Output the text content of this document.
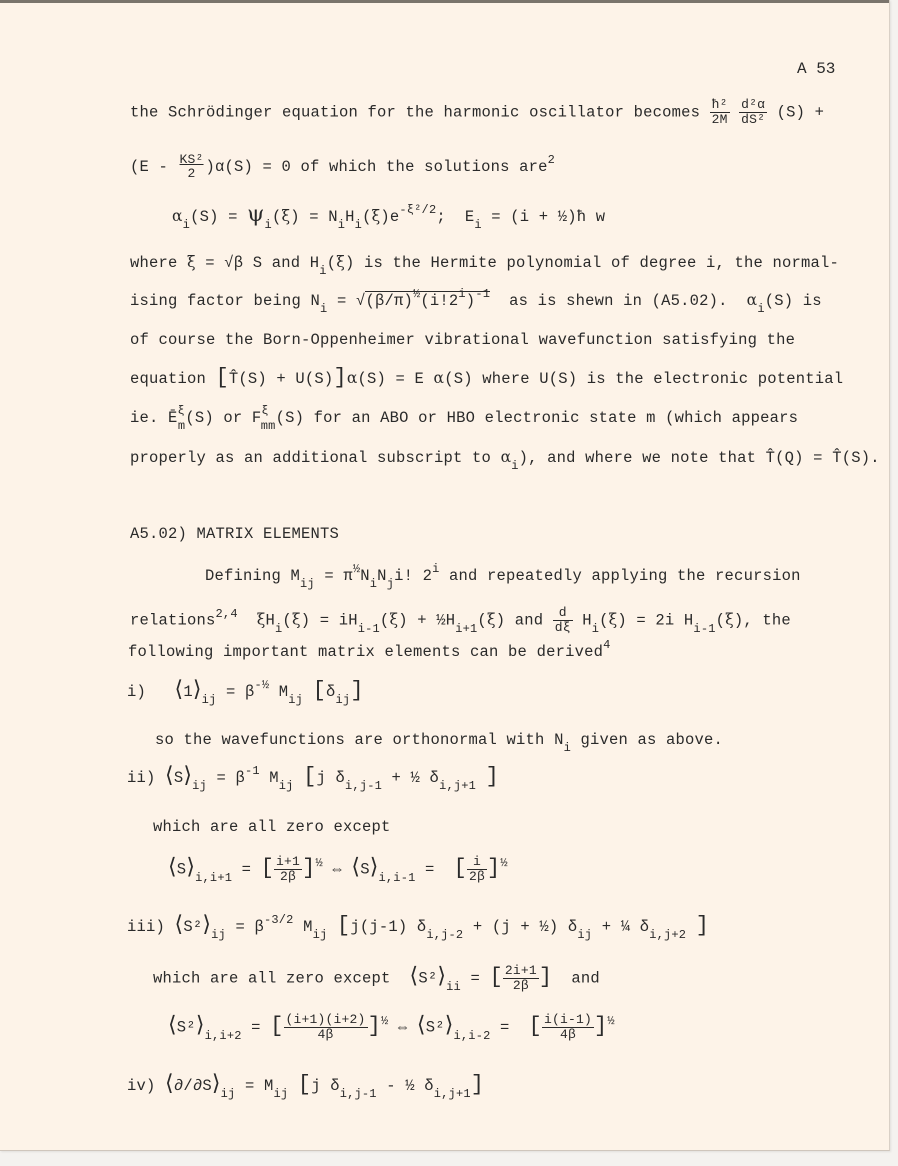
A 53
the Schrödinger equation for the harmonic oscillator becomes $\frac{\text{ħ²}}{2M}$
$\frac{\text{d²α}}{\text{dS²}} (S)$ +
$(E - \frac{\text{KS²}}{2} )\alpha(S) = 0$ of which the solutions are$^2$
$\alpha_i(S) = \psi_i(\xi) = N_iH_i(\xi)e^{-\xi^2/2}$;  $E_i = (i$ + ½)ħ w
where ξ = √β S and $H_i(\xi)$ is the Hermite polynomial of degree i, the normal-
ising factor being $N_i = √(\beta/\pi)^{\frac{1}{2}}(i!2^i)^{-1}$  as is shewn in (A5.02).  $\alpha_i(S)$ is
of course the Born-Oppenheimer vibrational wavefunction satisfying the
equation [T̂(S) + U(S)]α(S) = E α(S) where U(S) is the electronic potential
ie. $Ē^\xi_m(S)$ or $F^\xi_{mm}(S)$ for an ABO or HBO electronic state m (which appears
properly as an additional subscript to $\alpha_i$), and where we note that T̂(Q) = T̂(S).
A5.02) MATRIX ELEMENTS
Defining $M_{ij} = \pi^{\frac{1}{2}}N_iN_ji$! 2$^i$ and repeatedly applying the recursion
relations$^{2,4}$ $\xi H_i(\xi) = iH_{i-1}(\xi)$ + $\frac{1}{2}H_{i+1}(\xi)$ and $\frac{d}{d\xi} H_i(\xi) = 2i$ $H_{i-1}(\xi)$, the
following important matrix elements can be derived$^4$
i)   $⟨1⟩_{ij} = \beta^{-\frac{1}{2}}$ $M_{ij}$ $[\delta_{ij}]$
so the wavefunctions are orthonormal with $N_i$ given as above.
ii) $⟨S⟩_{ij} = \beta^{-1}$ $M_{ij}$ [j $\delta_{i,j-1}$ + ½ $\delta_{i,j+1}$ ]
which are all zero except
$⟨S⟩_{i,i+1}$ = [ $\frac{i+1}{2\beta} ]^{\frac{1}{2}}$ ⇔ $⟨S⟩_{i,i-1}$ =  [ $\frac{i}{2\beta} ]^{\frac{1}{2}}$
iii) $⟨S^2⟩_{ij} = \beta^{-3/2}$ $M_{ij}$ [j(j-1) $\delta_{i,j-2} + (j$ + ½) $\delta_{ij}$ + ¼ $\delta_{i,j+2}$ ]
which are all zero except  $⟨S^2⟩_{ii}$ = [ $\frac{2i+1}{2\beta}$ ]  and
$⟨S^2⟩_{i,i+2}$ = [ $\frac{(i+1)(i+2)}{4\beta} ]^{\frac{1}{2}}$ ⇔ $⟨S^2⟩_{i,i-2}$ =  [ $\frac{i(i-1)}{4\beta} ]^{\frac{1}{2}}$
iv) $⟨\partial/\partial S⟩_{ij} = M_{ij}$ [j $\delta_{i,j-1}$ - ½ $\delta_{i,j+1}$]
